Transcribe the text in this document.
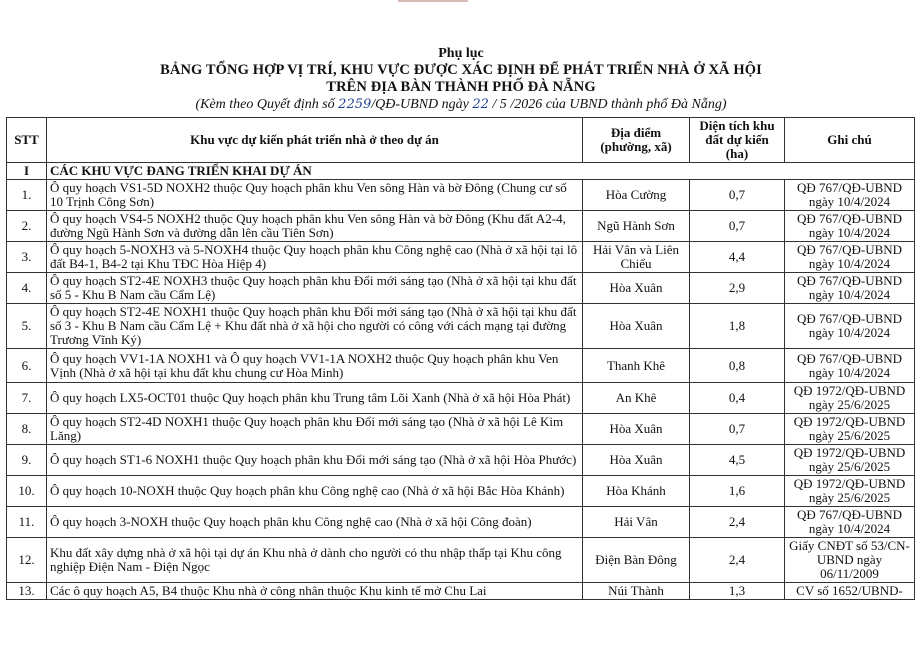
Phụ lục
BẢNG TỔNG HỢP VỊ TRÍ, KHU VỰC ĐƯỢC XÁC ĐỊNH ĐỂ PHÁT TRIỂN NHÀ Ở XÃ HỘI
TRÊN ĐỊA BÀN THÀNH PHỐ ĐÀ NẴNG
(Kèm theo Quyết định số 2259/QĐ-UBND ngày 22 / 5 /2026 của UBND thành phố Đà Nẵng)
STT	Khu vực dự kiến phát triển nhà ở theo dự án	Địa điểm (phường, xã)	Diện tích khu đất dự kiến (ha)	Ghi chú
I	CÁC KHU VỰC ĐANG TRIỂN KHAI DỰ ÁN			
1.	Ô quy hoạch VS1-5D NOXH2 thuộc Quy hoạch phân khu Ven sông Hàn và bờ Đông (Chung cư số 10 Trịnh Công Sơn)	Hòa Cường	0,7	QĐ 767/QĐ-UBND ngày 10/4/2024
2.	Ô quy hoạch VS4-5 NOXH2 thuộc Quy hoạch phân khu Ven sông Hàn và bờ Đông (Khu đất A2-4, đường Ngũ Hành Sơn và đường dẫn lên cầu Tiên Sơn)	Ngũ Hành Sơn	0,7	QĐ 767/QĐ-UBND ngày 10/4/2024
3.	Ô quy hoạch 5-NOXH3 và 5-NOXH4 thuộc Quy hoạch phân khu Công nghệ cao (Nhà ở xã hội tại lô đất B4-1, B4-2 tại Khu TĐC Hòa Hiệp 4)	Hải Vân và Liên Chiểu	4,4	QĐ 767/QĐ-UBND ngày 10/4/2024
4.	Ô quy hoạch ST2-4E NOXH3 thuộc Quy hoạch phân khu Đổi mới sáng tạo (Nhà ở xã hội tại khu đất số 5 - Khu B Nam cầu Cẩm Lệ)	Hòa Xuân	2,9	QĐ 767/QĐ-UBND ngày 10/4/2024
5.	Ô quy hoạch ST2-4E NOXH1 thuộc Quy hoạch phân khu Đổi mới sáng tạo (Nhà ở xã hội tại khu đất số 3 - Khu B Nam cầu Cẩm Lệ + Khu đất nhà ở xã hội cho người có công với cách mạng tại đường Trương Vĩnh Ký)	Hòa Xuân	1,8	QĐ 767/QĐ-UBND ngày 10/4/2024
6.	Ô quy hoạch VV1-1A NOXH1 và Ô quy hoạch VV1-1A NOXH2 thuộc Quy hoạch phân khu Ven Vịnh (Nhà ở xã hội tại khu đất khu chung cư Hòa Minh)	Thanh Khê	0,8	QĐ 767/QĐ-UBND ngày 10/4/2024
7.	Ô quy hoạch LX5-OCT01 thuộc Quy hoạch phân khu Trung tâm Lõi Xanh (Nhà ở xã hội Hòa Phát)	An Khê	0,4	QĐ 1972/QĐ-UBND ngày 25/6/2025
8.	Ô quy hoạch ST2-4D NOXH1 thuộc Quy hoạch phân khu Đổi mới sáng tạo (Nhà ở xã hội Lê Kim Lăng)	Hòa Xuân	0,7	QĐ 1972/QĐ-UBND ngày 25/6/2025
9.	Ô quy hoạch ST1-6 NOXH1 thuộc Quy hoạch phân khu Đổi mới sáng tạo (Nhà ở xã hội Hòa Phước)	Hòa Xuân	4,5	QĐ 1972/QĐ-UBND ngày 25/6/2025
10.	Ô quy hoạch 10-NOXH thuộc Quy hoạch phân khu Công nghệ cao (Nhà ở xã hội Bắc Hòa Khánh)	Hòa Khánh	1,6	QĐ 1972/QĐ-UBND ngày 25/6/2025
11.	Ô quy hoạch 3-NOXH thuộc Quy hoạch phân khu Công nghệ cao (Nhà ở xã hội Công đoàn)	Hải Vân	2,4	QĐ 767/QĐ-UBND ngày 10/4/2024
12.	Khu đất xây dựng nhà ở xã hội tại dự án Khu nhà ở dành cho người có thu nhập thấp tại Khu công nghiệp Điện Nam - Điện Ngọc	Điện Bàn Đông	2,4	Giấy CNĐT số 53/CN-UBND ngày 06/11/2009
13.	Các ô quy hoạch A5, B4 thuộc Khu nhà ở công nhân thuộc Khu kinh tế mở Chu Lai	Núi Thành	1,3	CV số 1652/UBND-
